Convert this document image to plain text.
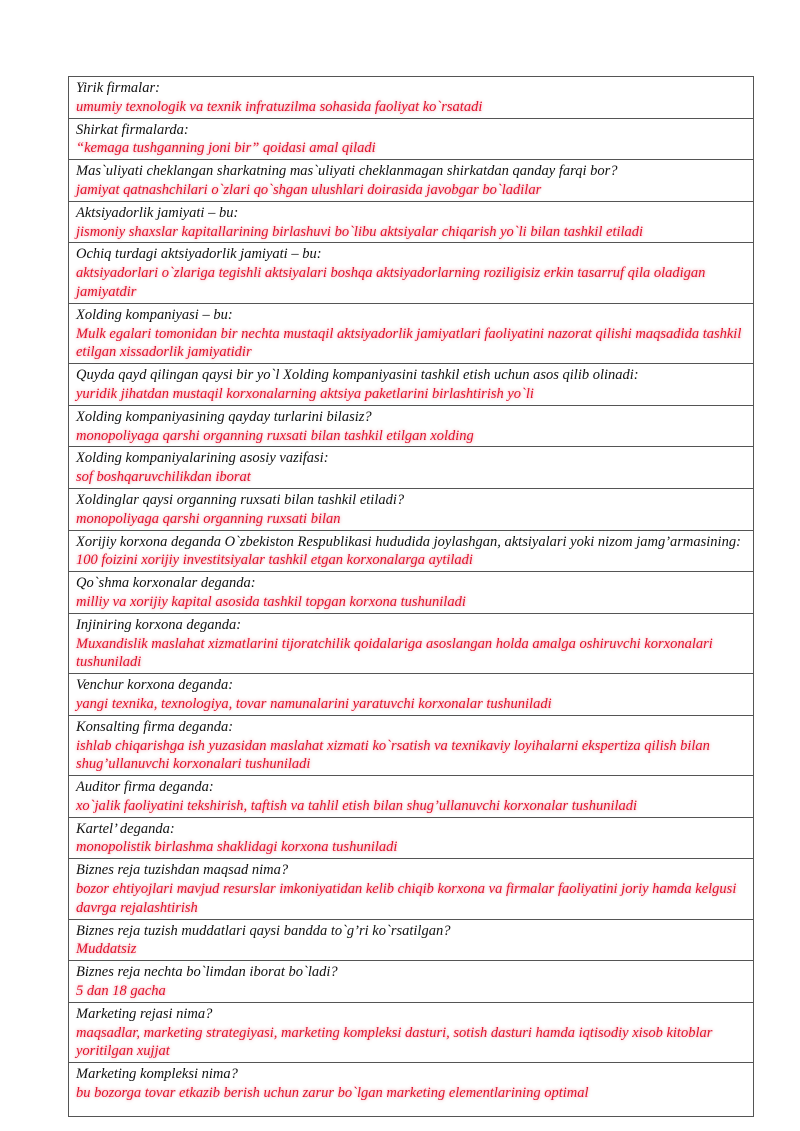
Yirik firmalar:
umumiy texnologik va texnik infratuzilma sohasida faoliyat ko`rsatadi

Shirkat firmalarda:
“kemaga tushganning joni bir” qoidasi amal qiladi

Mas`uliyati cheklangan sharkatning mas`uliyati cheklanmagan shirkatdan qanday farqi bor?
jamiyat qatnashchilari o`zlari qo`shgan ulushlari doirasida javobgar bo`ladilar

Aktsiyadorlik jamiyati – bu:
jismoniy shaxslar kapitallarining birlashuvi bo`libu aktsiyalar chiqarish yo`li bilan tashkil etiladi

Ochiq turdagi aktsiyadorlik jamiyati – bu:
aktsiyadorlari o`zlariga tegishli aktsiyalari boshqa aktsiyadorlarning roziligisiz erkin tasarruf qila oladigan jamiyatdir

Xolding kompaniyasi – bu:
Mulk egalari tomonidan bir nechta mustaqil aktsiyadorlik jamiyatlari faoliyatini nazorat qilishi maqsadida tashkil etilgan xissadorlik jamiyatidir

Quyda qayd qilingan qaysi bir yo`l Xolding kompaniyasini tashkil etish uchun asos qilib olinadi:
yuridik jihatdan mustaqil korxonalarning aktsiya paketlarini birlashtirish yo`li

Xolding kompaniyasining qayday turlarini bilasiz?
monopoliyaga qarshi organning ruxsati bilan tashkil etilgan xolding

Xolding kompaniyalarining asosiy vazifasi:
sof boshqaruvchilikdan iborat

Xoldinglar qaysi organning ruxsati bilan tashkil etiladi?
monopoliyaga qarshi organning ruxsati bilan

Xorijiy korxona deganda O`zbekiston Respublikasi hududida joylashgan, aktsiyalari yoki nizom jamg’armasining:
100 foizini xorijiy investitsiyalar tashkil etgan korxonalarga aytiladi

Qo`shma korxonalar deganda:
milliy va xorijiy kapital asosida tashkil topgan korxona tushuniladi

Injiniring korxona deganda:
Muxandislik maslahat xizmatlarini tijoratchilik qoidalariga asoslangan holda amalga oshiruvchi korxonalari tushuniladi

Venchur korxona deganda:
yangi texnika, texnologiya, tovar namunalarini yaratuvchi korxonalar tushuniladi

Konsalting firma deganda:
ishlab chiqarishga ish yuzasidan maslahat xizmati ko`rsatish va texnikaviy loyihalarni ekspertiza qilish bilan shug’ullanuvchi korxonalari tushuniladi

Auditor firma deganda:
xo`jalik faoliyatini tekshirish, taftish va tahlil etish bilan shug’ullanuvchi korxonalar tushuniladi

Kartel’ deganda:
monopolistik birlashma shaklidagi korxona tushuniladi

Biznes reja tuzishdan maqsad nima?
bozor ehtiyojlari mavjud resurslar imkoniyatidan kelib chiqib korxona va firmalar faoliyatini joriy hamda kelgusi davrga rejalashtirish

Biznes reja tuzish muddatlari qaysi bandda to`g’ri ko`rsatilgan?
Muddatsiz

Biznes reja nechta bo`limdan iborat bo`ladi?
5 dan 18 gacha

Marketing rejasi nima?
maqsadlar, marketing strategiyasi, marketing kompleksi dasturi, sotish dasturi hamda iqtisodiy xisob kitoblar yoritilgan xujjat

Marketing kompleksi nima?
bu bozorga tovar etkazib berish uchun zarur bo`lgan marketing elementlarining optimal
